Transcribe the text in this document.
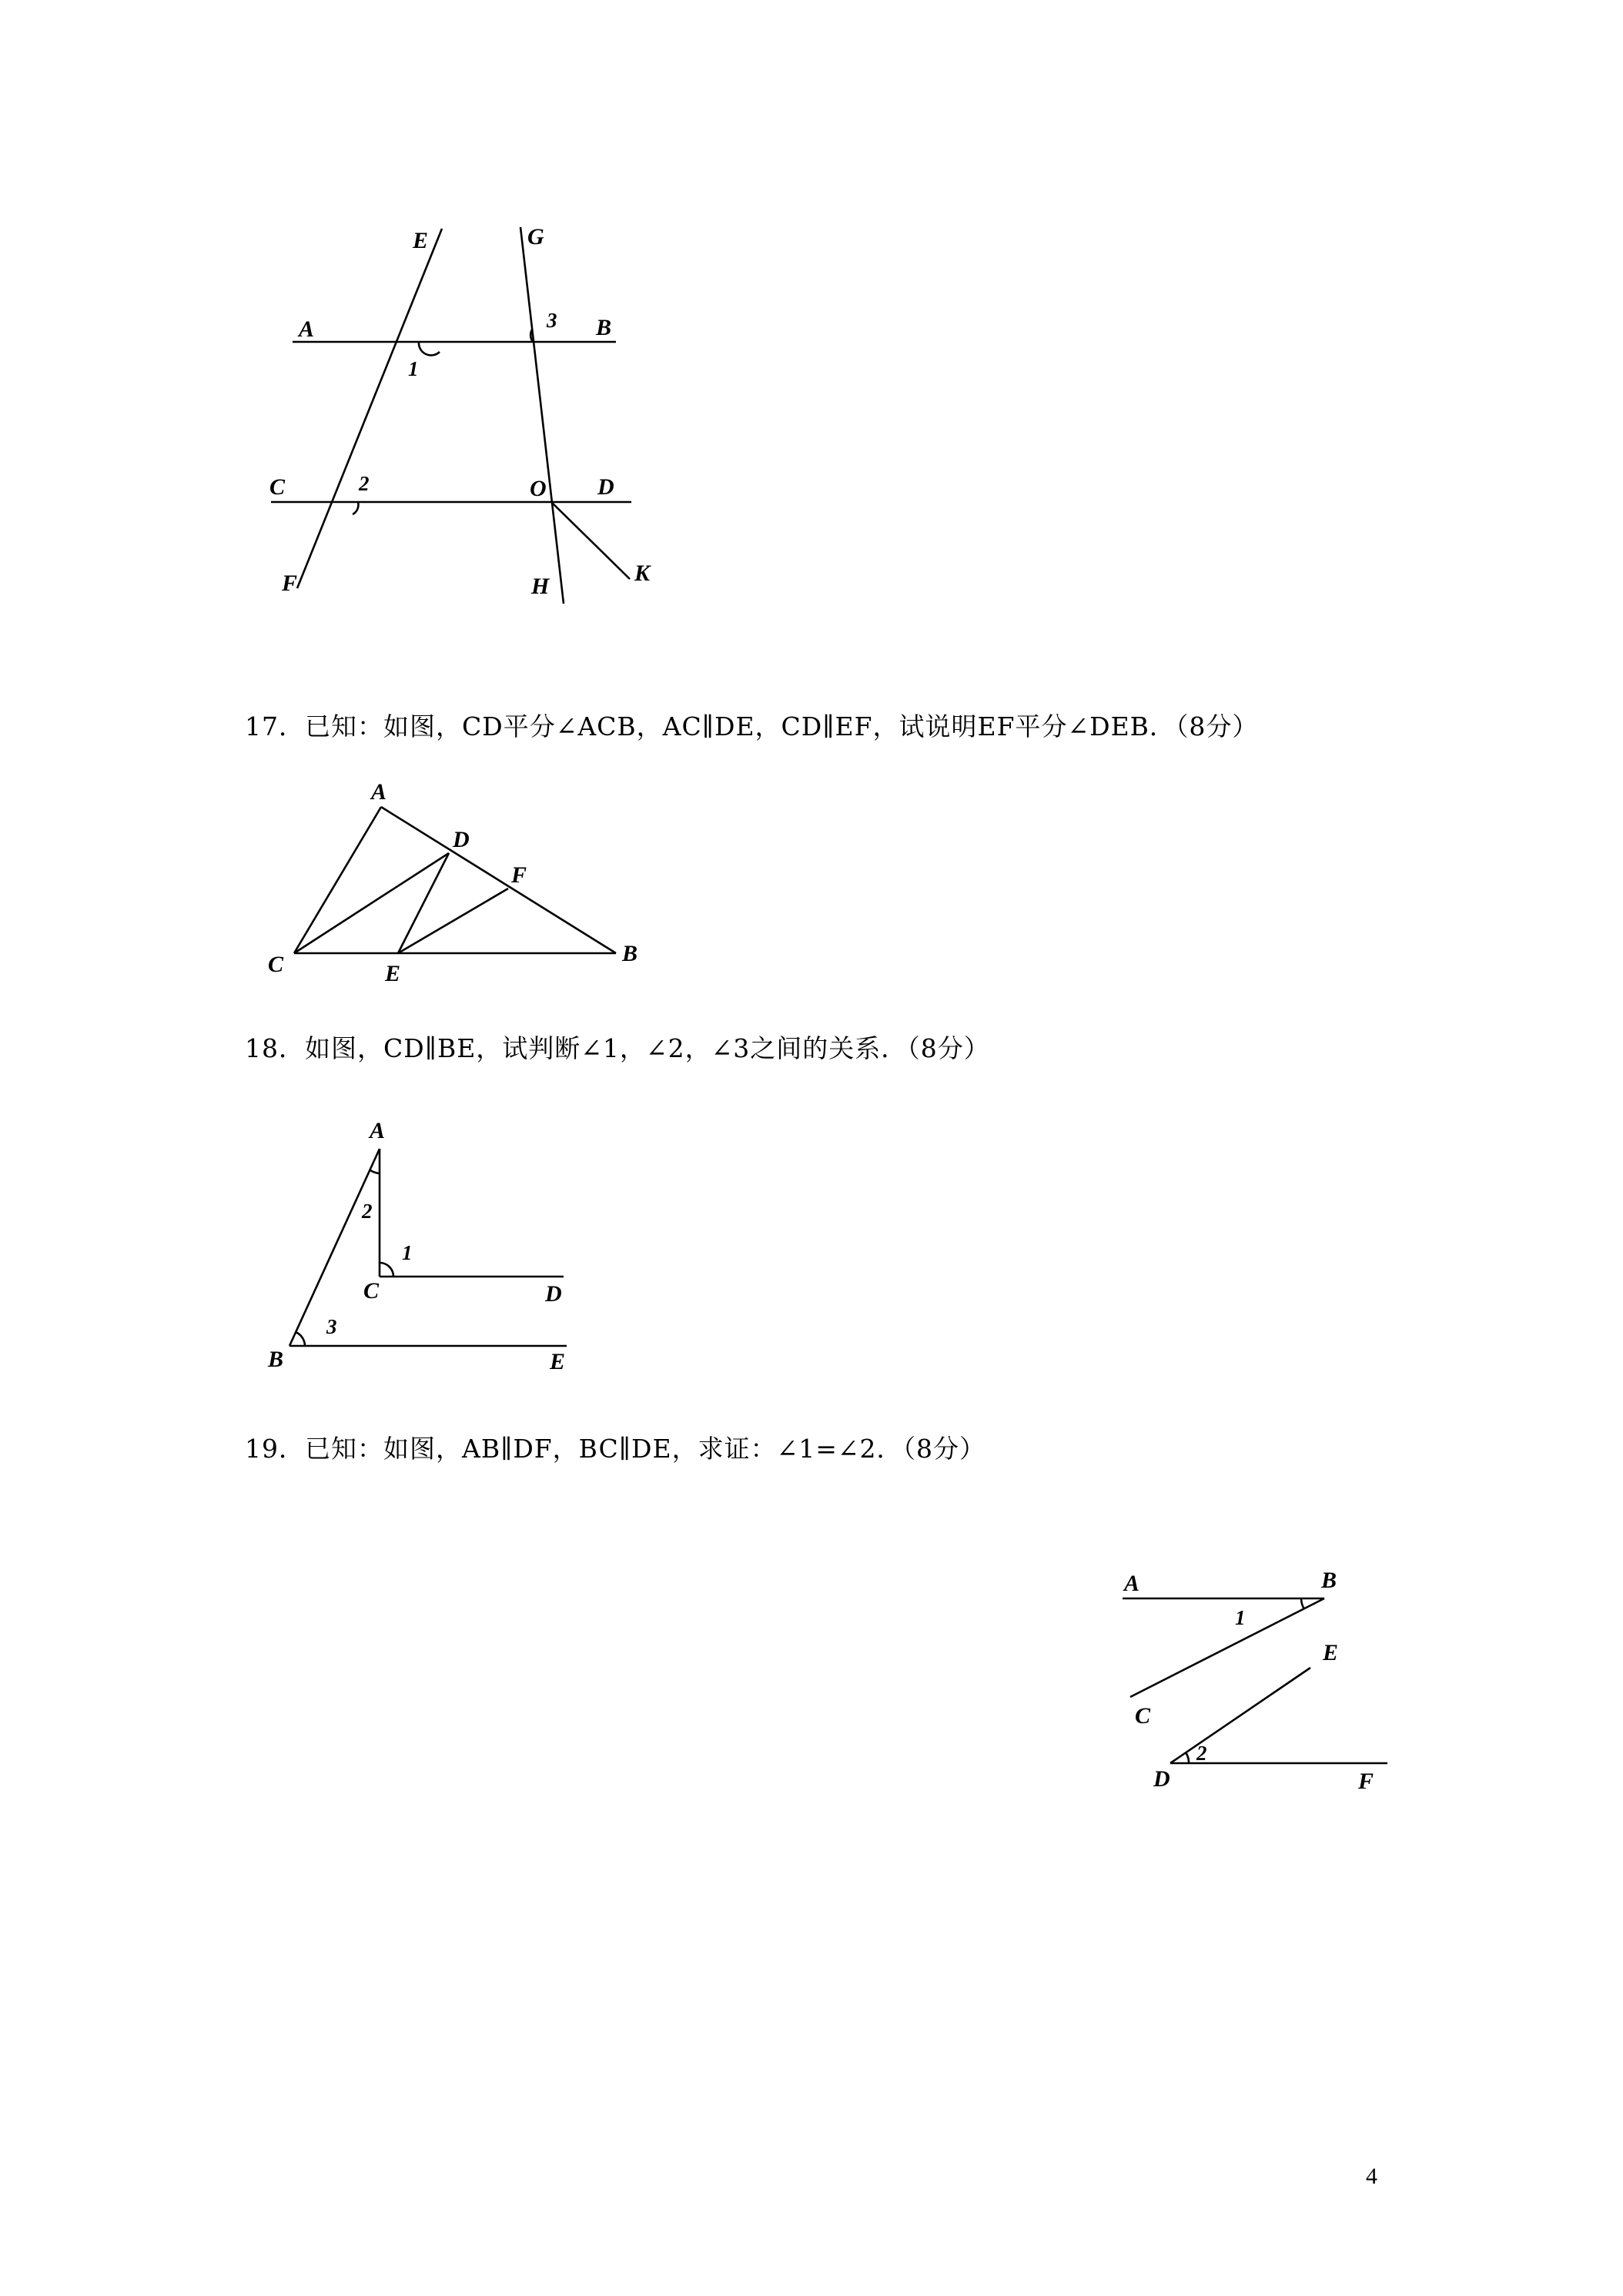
E	G
A	B
3
1
C	2	O D
F	H
K
17．已知：如图，CD平分∠ACB，AC∥DE，CD∥EF，试说明EF平分∠DEB．（8分）
A
D
F
C	E
B
18．如图，CD∥BE，试判断∠1，∠2，∠3之间的关系．（8分）
A
2
1
C	D
3
B	E
19．已知：如图，AB∥DF，BC∥DE，求证：∠1=∠2．（8分）
A	B
1
E
C
2
D	F
4
